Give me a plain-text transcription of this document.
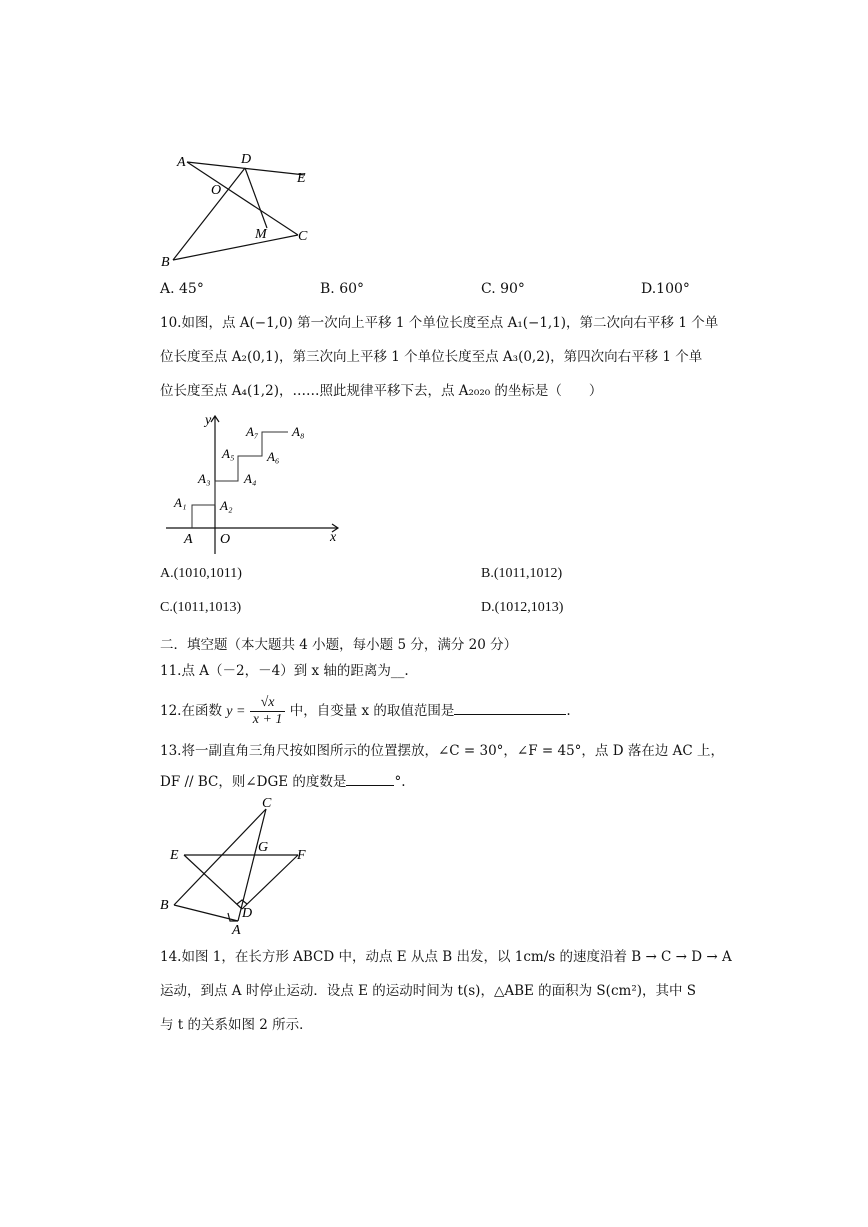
A	D
E
O
M C
B
A. 45°	B. 60°	C. 90°	D.100°
10.如图，点 A(−1,0) 第一次向上平移 1 个单位长度至点 A₁(−1,1)，第二次向右平移 1 个单
位长度至点 A₂(0,1)，第三次向上平移 1 个单位长度至点 A₃(0,2)，第四次向右平移 1 个单
位长度至点 A₄(1,2)，……照此规律平移下去，点 A₂₀₂₀ 的坐标是（　　）
y
x
O
A
A₁	A₂
A₃	A₄
A₅	A₆
A₇	A₈
A.(1010,1011)	B.(1011,1012)
C.(1011,1013)	D.(1012,1013)
二．填空题（本大题共 4 小题，每小题 5 分，满分 20 分）
11.点 A（－2，－4）到 x 轴的距离为__.
12.在函数 $y = \frac{√x}{x + 1}$ 中，自变量 x 的取值范围是	.
13.将一副直角三角尺按如图所示的位置摆放，∠C = 30°，∠F = 45°，点 D 落在边 AC 上，
DF // BC，则∠DGE 的度数是	°.
C
E
G
F
B
D
A
14.如图 1，在长方形 ABCD 中，动点 E 从点 B 出发，以 1cm/s 的速度沿着 B → C → D → A
运动，到点 A 时停止运动．设点 E 的运动时间为 t(s)，△ABE 的面积为 S(cm²)，其中 S
与 t 的关系如图 2 所示．
